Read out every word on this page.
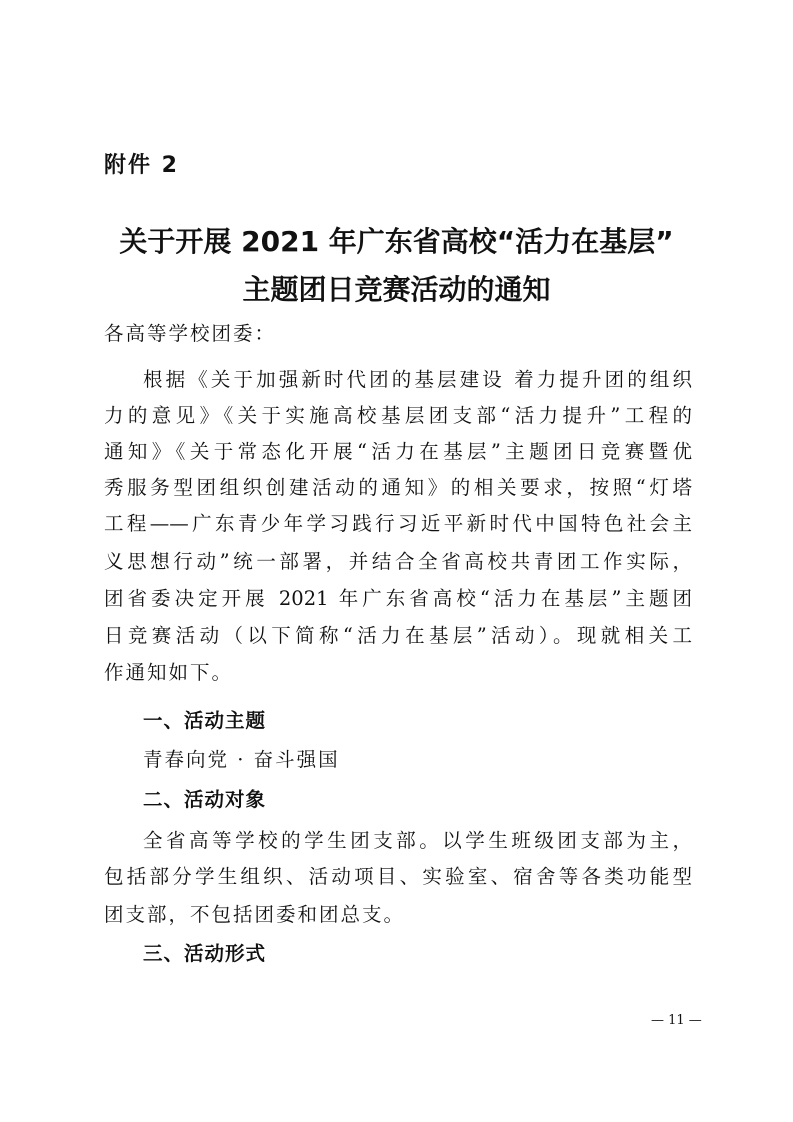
附件 2
关于开展 2021 年广东省高校“活力在基层”
主题团日竞赛活动的通知
各高等学校团委：
根据《关于加强新时代团的基层建设 着力提升团的组织
力的意见》《关于实施高校基层团支部“活力提升”工程的
通知》《关于常态化开展“活力在基层”主题团日竞赛暨优
秀服务型团组织创建活动的通知》的相关要求，按照“灯塔
工程——广东青少年学习践行习近平新时代中国特色社会主
义思想行动”统一部署，并结合全省高校共青团工作实际，
团省委决定开展 2021 年广东省高校“活力在基层”主题团
日竞赛活动（以下简称“活力在基层”活动）。现就相关工
作通知如下。
一、活动主题
青春向党 · 奋斗强国
二、活动对象
全省高等学校的学生团支部。以学生班级团支部为主，
包括部分学生组织、活动项目、实验室、宿舍等各类功能型
团支部，不包括团委和团总支。
三、活动形式
— 11 —
